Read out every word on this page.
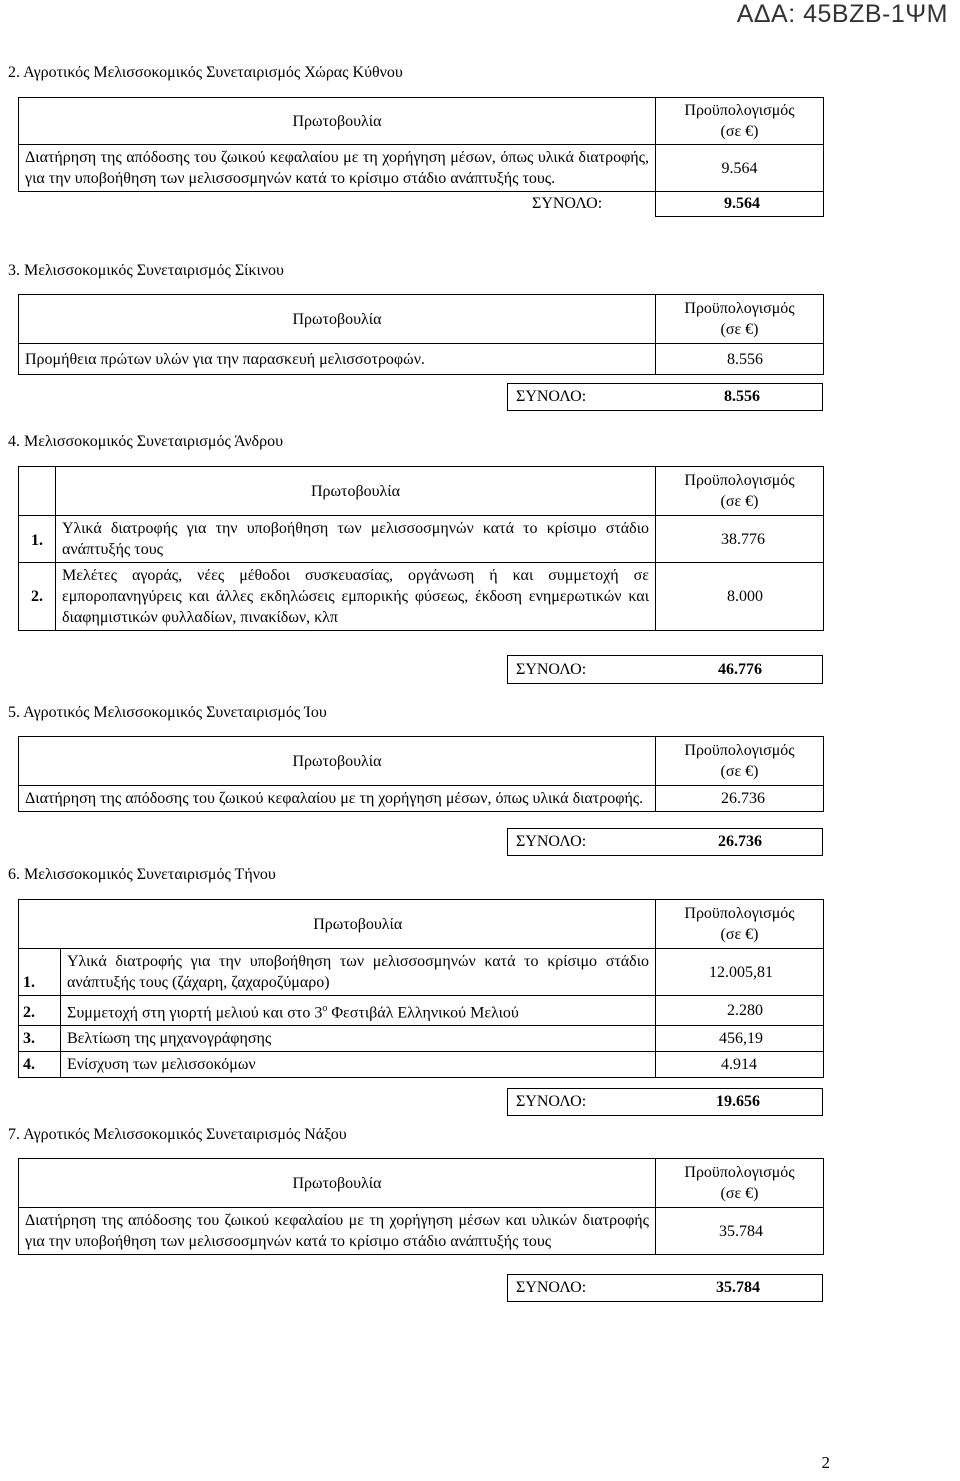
ΑΔΑ: 45ΒΖΒ-1ΨΜ
2. Αγροτικός Μελισσοκομικός Συνεταιρισμός Χώρας Κύθνου
Πρωτοβουλία	Προϋπολογισμός
(σε €)
Διατήρηση της απόδοσης του ζωικού κεφαλαίου με τη χορήγηση μέσων, όπως υλικά διατροφής, για την υποβοήθηση των μελισσοσμηνών κατά το κρίσιμο στάδιο ανάπτυξής τους.	9.564

	ΣΥΝΟΛΟ: 9.564
3. Μελισσοκομικός Συνεταιρισμός Σίκινου
Πρωτοβουλία	Προϋπολογισμός
(σε €)
Προμήθεια πρώτων υλών για την παρασκευή μελισσοτροφών.	8.556
ΣΥΝΟΛΟ:	8.556
4. Μελισσοκομικός Συνεταιρισμός Άνδρου
	Πρωτοβουλία	Προϋπολογισμός
(σε €)
1.	Υλικά διατροφής για την υποβοήθηση των μελισσοσμηνών κατά το κρίσιμο στάδιο ανάπτυξής τους	38.776
2.	Μελέτες αγοράς, νέες μέθοδοι συσκευασίας, οργάνωση ή και συμμετοχή σε εμποροπανηγύρεις και άλλες εκδηλώσεις εμπορικής φύσεως, έκδοση ενημερωτικών και διαφημιστικών φυλλαδίων, πινακίδων, κλπ	8.000
ΣΥΝΟΛΟ:	46.776
5. Αγροτικός Μελισσοκομικός Συνεταιρισμός Ίου
Πρωτοβουλία	Προϋπολογισμός
(σε €)
Διατήρηση της απόδοσης του ζωικού κεφαλαίου με τη χορήγηση μέσων, όπως υλικά διατροφής.	26.736
ΣΥΝΟΛΟ:	26.736
6. Μελισσοκομικός Συνεταιρισμός Τήνου
	Πρωτοβουλία	Προϋπολογισμός
(σε €)
1.	Υλικά διατροφής για την υποβοήθηση των μελισσοσμηνών κατά το κρίσιμο στάδιο ανάπτυξής τους (ζάχαρη, ζαχαροζύμαρο)	12.005,81
2.	Συμμετοχή στη γιορτή μελιού και στο $3^o$ Φεστιβάλ Ελληνικού Μελιού	2.280
3.	Βελτίωση της μηχανογράφησης	456,19
4.	Ενίσχυση των μελισσοκόμων	4.914
ΣΥΝΟΛΟ:	19.656
7. Αγροτικός Μελισσοκομικός Συνεταιρισμός Νάξου
Πρωτοβουλία	Προϋπολογισμός
(σε €)
Διατήρηση της απόδοσης του ζωικού κεφαλαίου με τη χορήγηση μέσων και υλικών διατροφής για την υποβοήθηση των μελισσοσμηνών κατά το κρίσιμο στάδιο ανάπτυξής τους	35.784
ΣΥΝΟΛΟ:	35.784
2
